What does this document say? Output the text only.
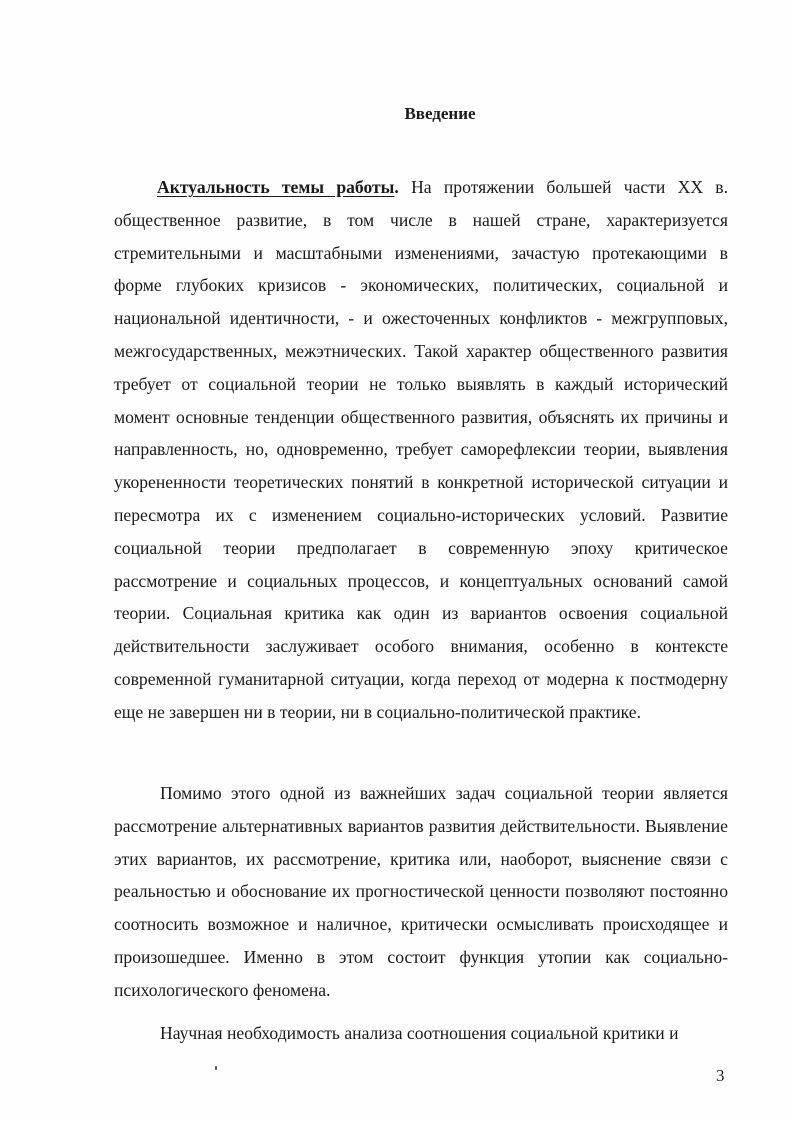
Введение

Актуальность темы работы. На протяжении большей части XX в. общественное развитие, в том числе в нашей стране, характеризуется стремительными и масштабными изменениями, зачастую протекающими в форме глубоких кризисов - экономических, политических, социальной и национальной идентичности, - и ожесточенных конфликтов - межгрупповых, межгосударственных, межэтнических. Такой характер общественного развития требует от социальной теории не только выявлять в каждый исторический момент основные тенденции общественного развития, объяснять их причины и направленность, но, одновременно, требует саморефлексии теории, выявления укорененности теоретических понятий в конкретной исторической ситуации и пересмотра их с изменением социально-исторических условий. Развитие социальной теории предполагает в современную эпоху критическое рассмотрение и социальных процессов, и концептуальных оснований самой теории. Социальная критика как один из вариантов освоения социальной действительности заслуживает особого внимания, особенно в контексте современной гуманитарной ситуации, когда переход от модерна к постмодерну еще не завершен ни в теории, ни в социально-политической практике.

Помимо этого одной из важнейших задач социальной теории является рассмотрение альтернативных вариантов развития действительности. Выявление этих вариантов, их рассмотрение, критика или, наоборот, выяснение связи с реальностью и обоснование их прогностической ценности позволяют постоянно соотносить возможное и наличное, критически осмысливать происходящее и произошедшее. Именно в этом состоит функция утопии как социально-психологического феномена.

Научная необходимость анализа соотношения социальной критики и

3
